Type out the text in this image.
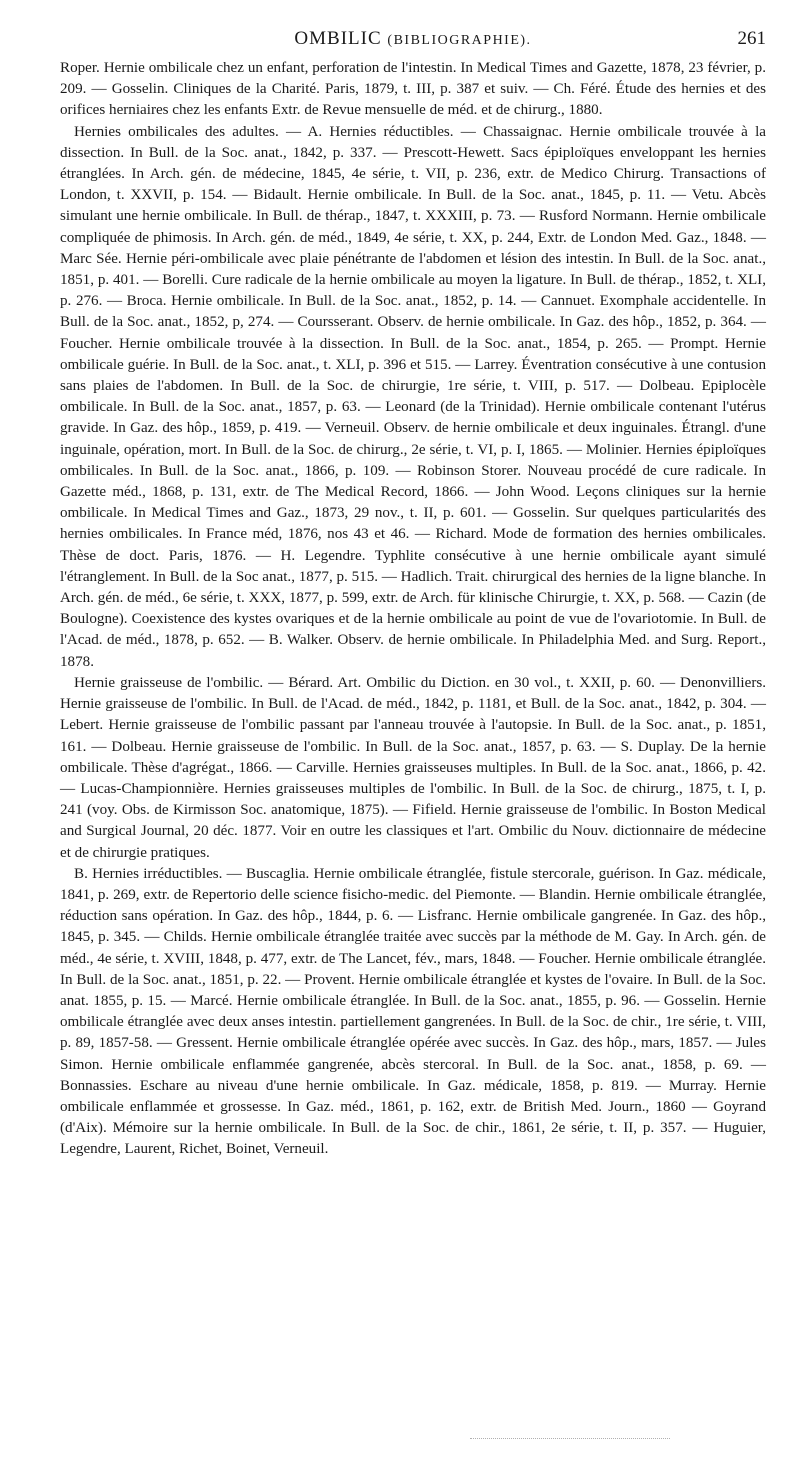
OMBILIC (BIBLIOGRAPHIE).	261

Roper. Hernie ombilicale chez un enfant, perforation de l'intestin. In Medical Times and Gazette, 1878, 23 février, p. 209. — Gosselin. Cliniques de la Charité. Paris, 1879, t. III, p. 387 et suiv. — Ch. Féré. Étude des hernies et des orifices herniaires chez les enfants Extr. de Revue mensuelle de méd. et de chirurg., 1880.

Hernies ombilicales des adultes. — A. Hernies réductibles. — Chassaignac. Hernie ombilicale trouvée à la dissection. In Bull. de la Soc. anat., 1842, p. 337. — Prescott-Hewett. Sacs épiploïques enveloppant les hernies étranglées. In Arch. gén. de médecine, 1845, 4e série, t. VII, p. 236, extr. de Medico Chirurg. Transactions of London, t. XXVII, p. 154. — Bidault. Hernie ombilicale. In Bull. de la Soc. anat., 1845, p. 11. — Vetu. Abcès simulant une hernie ombilicale. In Bull. de thérap., 1847, t. XXXIII, p. 73. — Rusford Normann. Hernie ombilicale compliquée de phimosis. In Arch. gén. de méd., 1849, 4e série, t. XX, p. 244, Extr. de London Med. Gaz., 1848. — Marc Sée. Hernie péri-ombilicale avec plaie pénétrante de l'abdomen et lésion des intestin. In Bull. de la Soc. anat., 1851, p. 401. — Borelli. Cure radicale de la hernie ombilicale au moyen la ligature. In Bull. de thérap., 1852, t. XLI, p. 276. — Broca. Hernie ombilicale. In Bull. de la Soc. anat., 1852, p. 14. — Cannuet. Exomphale accidentelle. In Bull. de la Soc. anat., 1852, p, 274. — Coursserant. Observ. de hernie ombilicale. In Gaz. des hôp., 1852, p. 364. — Foucher. Hernie ombilicale trouvée à la dissection. In Bull. de la Soc. anat., 1854, p. 265. — Prompt. Hernie ombilicale guérie. In Bull. de la Soc. anat., t. XLI, p. 396 et 515. — Larrey. Éventration consécutive à une contusion sans plaies de l'abdomen. In Bull. de la Soc. de chirurgie, 1re série, t. VIII, p. 517. — Dolbeau. Epiplocèle ombilicale. In Bull. de la Soc. anat., 1857, p. 63. — Leonard (de la Trinidad). Hernie ombilicale contenant l'utérus gravide. In Gaz. des hôp., 1859, p. 419. — Verneuil. Observ. de hernie ombilicale et deux inguinales. Étrangl. d'une inguinale, opération, mort. In Bull. de la Soc. de chirurg., 2e série, t. VI, p. I, 1865. — Molinier. Hernies épiploïques ombilicales. In Bull. de la Soc. anat., 1866, p. 109. — Robinson Storer. Nouveau procédé de cure radicale. In Gazette méd., 1868, p. 131, extr. de The Medical Record, 1866. — John Wood. Leçons cliniques sur la hernie ombilicale. In Medical Times and Gaz., 1873, 29 nov., t. II, p. 601. — Gosselin. Sur quelques particularités des hernies ombilicales. In France méd, 1876, nos 43 et 46. — Richard. Mode de formation des hernies ombilicales. Thèse de doct. Paris, 1876. — H. Legendre. Typhlite consécutive à une hernie ombilicale ayant simulé l'étranglement. In Bull. de la Soc anat., 1877, p. 515. — Hadlich. Trait. chirurgical des hernies de la ligne blanche. In Arch. gén. de méd., 6e série, t. XXX, 1877, p. 599, extr. de Arch. für klinische Chirurgie, t. XX, p. 568. — Cazin (de Boulogne). Coexistence des kystes ovariques et de la hernie ombilicale au point de vue de l'ovariotomie. In Bull. de l'Acad. de méd., 1878, p. 652. — B. Walker. Observ. de hernie ombilicale. In Philadelphia Med. and Surg. Report., 1878.

Hernie graisseuse de l'ombilic. — Bérard. Art. Ombilic du Diction. en 30 vol., t. XXII, p. 60. — Denonvilliers. Hernie graisseuse de l'ombilic. In Bull. de l'Acad. de méd., 1842, p. 1181, et Bull. de la Soc. anat., 1842, p. 304. — Lebert. Hernie graisseuse de l'ombilic passant par l'anneau trouvée à l'autopsie. In Bull. de la Soc. anat., p. 1851, 161. — Dolbeau. Hernie graisseuse de l'ombilic. In Bull. de la Soc. anat., 1857, p. 63. — S. Duplay. De la hernie ombilicale. Thèse d'agrégat., 1866. — Carville. Hernies graisseuses multiples. In Bull. de la Soc. anat., 1866, p. 42. — Lucas-Championnière. Hernies graisseuses multiples de l'ombilic. In Bull. de la Soc. de chirurg., 1875, t. I, p. 241 (voy. Obs. de Kirmisson Soc. anatomique, 1875). — Fifield. Hernie graisseuse de l'ombilic. In Boston Medical and Surgical Journal, 20 déc. 1877. Voir en outre les classiques et l'art. Ombilic du Nouv. dictionnaire de médecine et de chirurgie pratiques.

B. Hernies irréductibles. — Buscaglia. Hernie ombilicale étranglée, fistule stercorale, guérison. In Gaz. médicale, 1841, p. 269, extr. de Repertorio delle science fisicho-medic. del Piemonte. — Blandin. Hernie ombilicale étranglée, réduction sans opération. In Gaz. des hôp., 1844, p. 6. — Lisfranc. Hernie ombilicale gangrenée. In Gaz. des hôp., 1845, p. 345. — Childs. Hernie ombilicale étranglée traitée avec succès par la méthode de M. Gay. In Arch. gén. de méd., 4e série, t. XVIII, 1848, p. 477, extr. de The Lancet, fév., mars, 1848. — Foucher. Hernie ombilicale étranglée. In Bull. de la Soc. anat., 1851, p. 22. — Provent. Hernie ombilicale étranglée et kystes de l'ovaire. In Bull. de la Soc. anat. 1855, p. 15. — Marcé. Hernie ombilicale étranglée. In Bull. de la Soc. anat., 1855, p. 96. — Gosselin. Hernie ombilicale étranglée avec deux anses intestin. partiellement gangrenées. In Bull. de la Soc. de chir., 1re série, t. VIII, p. 89, 1857-58. — Gressent. Hernie ombilicale étranglée opérée avec succès. In Gaz. des hôp., mars, 1857. — Jules Simon. Hernie ombilicale enflammée gangrenée, abcès stercoral. In Bull. de la Soc. anat., 1858, p. 69. — Bonnassies. Eschare au niveau d'une hernie ombilicale. In Gaz. médicale, 1858, p. 819. — Murray. Hernie ombilicale enflammée et grossesse. In Gaz. méd., 1861, p. 162, extr. de British Med. Journ., 1860 — Goyrand (d'Aix). Mémoire sur la hernie ombilicale. In Bull. de la Soc. de chir., 1861, 2e série, t. II, p. 357. — Huguier, Legendre, Laurent, Richet, Boinet, Verneuil.
